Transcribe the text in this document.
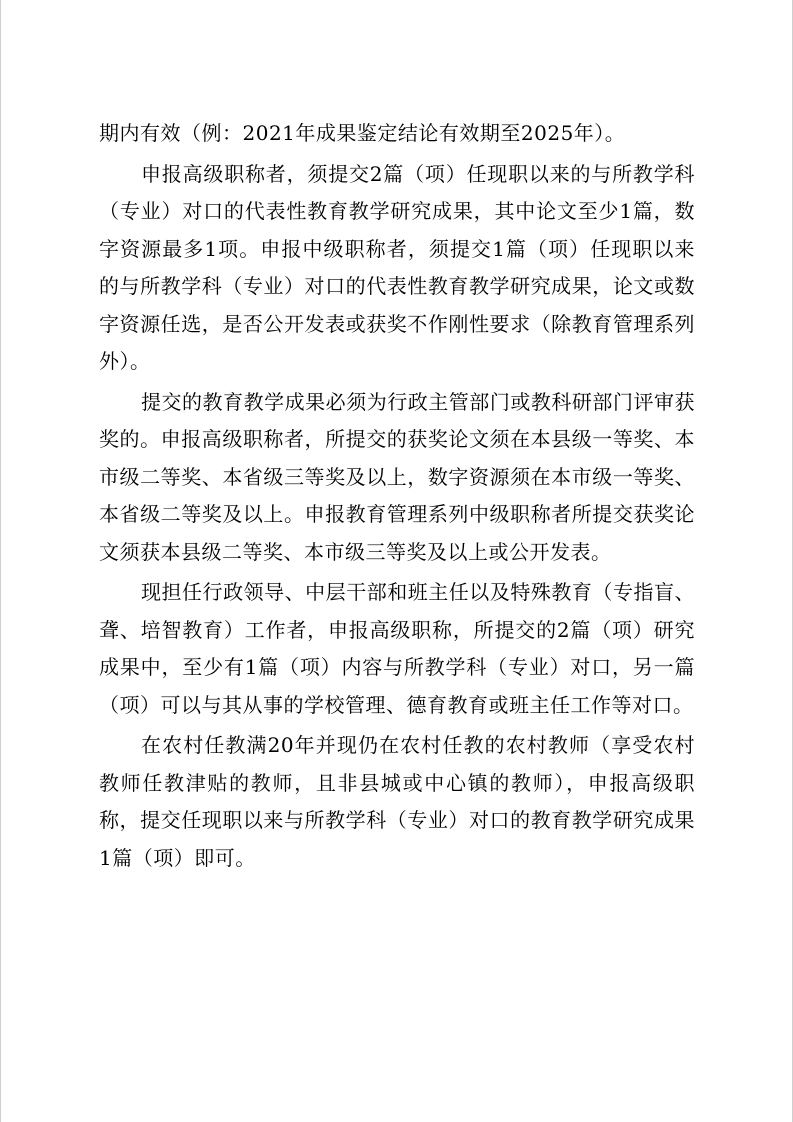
期内有效（例：2021年成果鉴定结论有效期至2025年）。

申报高级职称者，须提交2篇（项）任现职以来的与所教学科（专业）对口的代表性教育教学研究成果，其中论文至少1篇，数字资源最多1项。申报中级职称者，须提交1篇（项）任现职以来的与所教学科（专业）对口的代表性教育教学研究成果，论文或数字资源任选，是否公开发表或获奖不作刚性要求（除教育管理系列外）。

提交的教育教学成果必须为行政主管部门或教科研部门评审获奖的。申报高级职称者，所提交的获奖论文须在本县级一等奖、本市级二等奖、本省级三等奖及以上，数字资源须在本市级一等奖、本省级二等奖及以上。申报教育管理系列中级职称者所提交获奖论文须获本县级二等奖、本市级三等奖及以上或公开发表。

现担任行政领导、中层干部和班主任以及特殊教育（专指盲、聋、培智教育）工作者，申报高级职称，所提交的2篇（项）研究成果中，至少有1篇（项）内容与所教学科（专业）对口，另一篇（项）可以与其从事的学校管理、德育教育或班主任工作等对口。

在农村任教满20年并现仍在农村任教的农村教师（享受农村教师任教津贴的教师，且非县城或中心镇的教师），申报高级职称，提交任现职以来与所教学科（专业）对口的教育教学研究成果1篇（项）即可。
